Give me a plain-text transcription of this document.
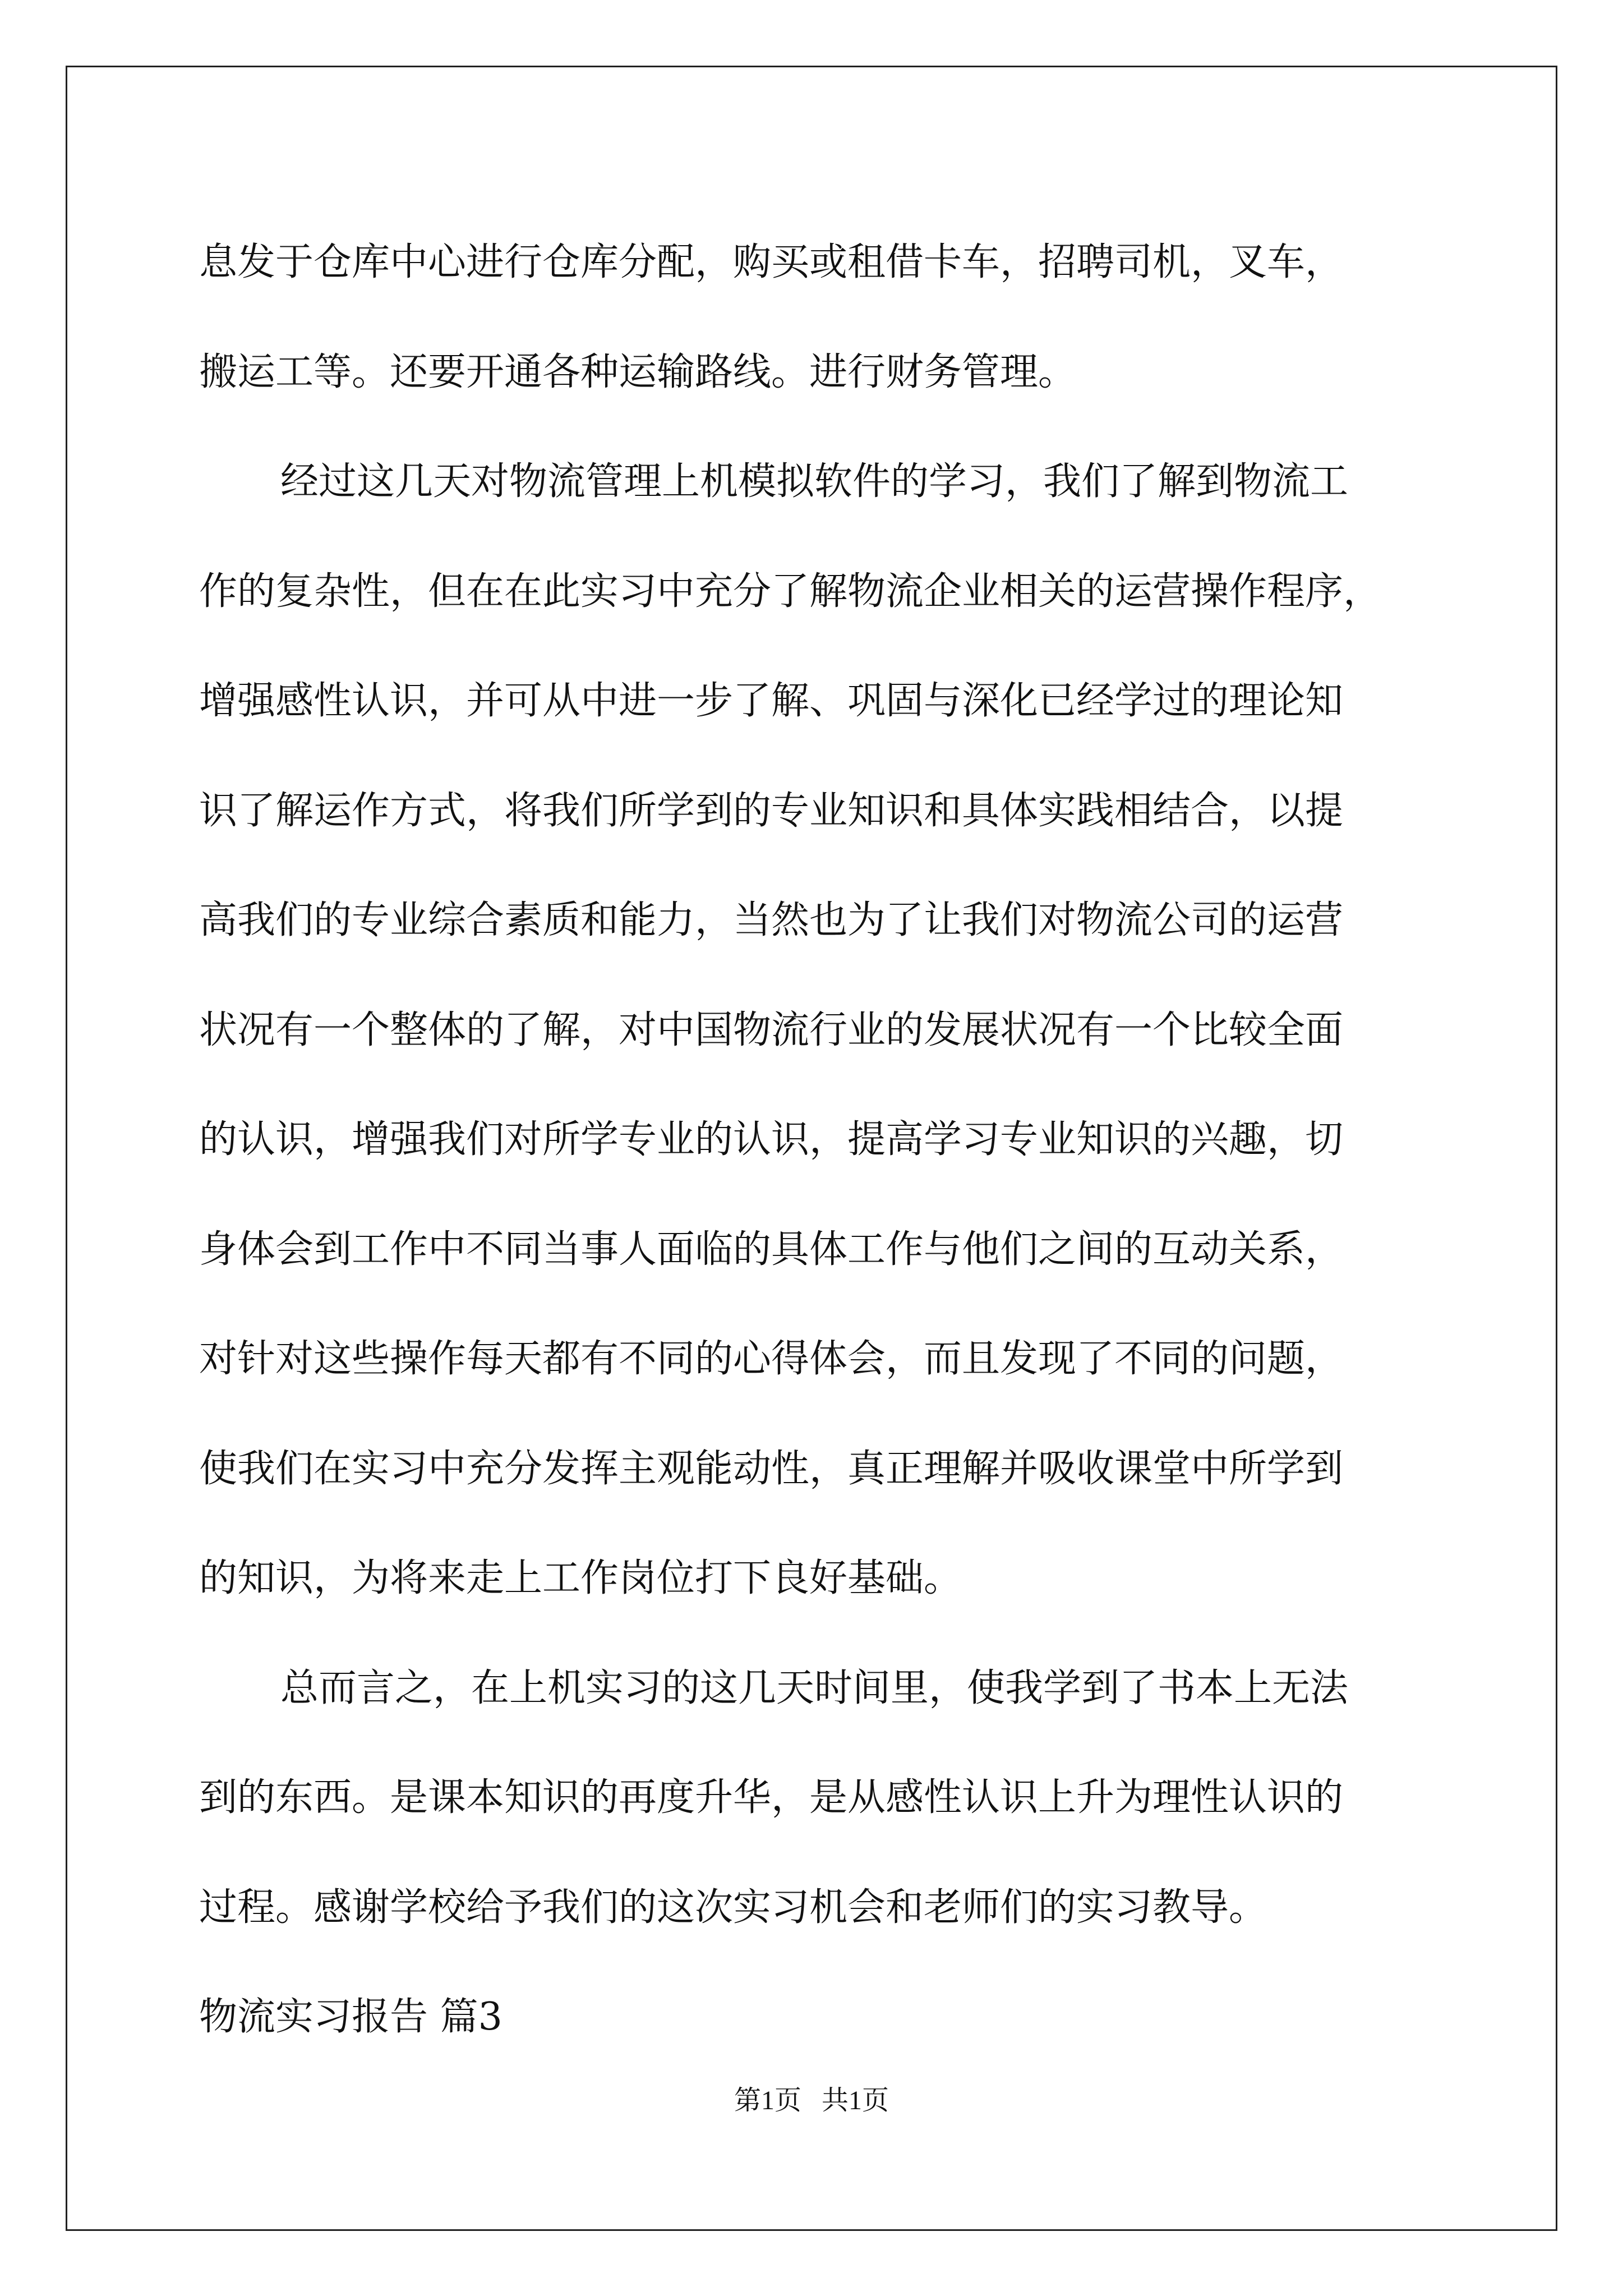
息发于仓库中心进行仓库分配，购买或租借卡车，招聘司机，叉车，
搬运工等。还要开通各种运输路线。进行财务管理。
经过这几天对物流管理上机模拟软件的学习，我们了解到物流工
作的复杂性，但在在此实习中充分了解物流企业相关的运营操作程序，
增强感性认识，并可从中进一步了解、巩固与深化已经学过的理论知
识了解运作方式，将我们所学到的专业知识和具体实践相结合，以提
高我们的专业综合素质和能力，当然也为了让我们对物流公司的运营
状况有一个整体的了解，对中国物流行业的发展状况有一个比较全面
的认识，增强我们对所学专业的认识，提高学习专业知识的兴趣，切
身体会到工作中不同当事人面临的具体工作与他们之间的互动关系，
对针对这些操作每天都有不同的心得体会，而且发现了不同的问题，
使我们在实习中充分发挥主观能动性，真正理解并吸收课堂中所学到
的知识，为将来走上工作岗位打下良好基础。
总而言之，在上机实习的这几天时间里，使我学到了书本上无法
到的东西。是课本知识的再度升华，是从感性认识上升为理性认识的
过程。感谢学校给予我们的这次实习机会和老师们的实习教导。
物流实习报告 篇3
第1页   共1页
